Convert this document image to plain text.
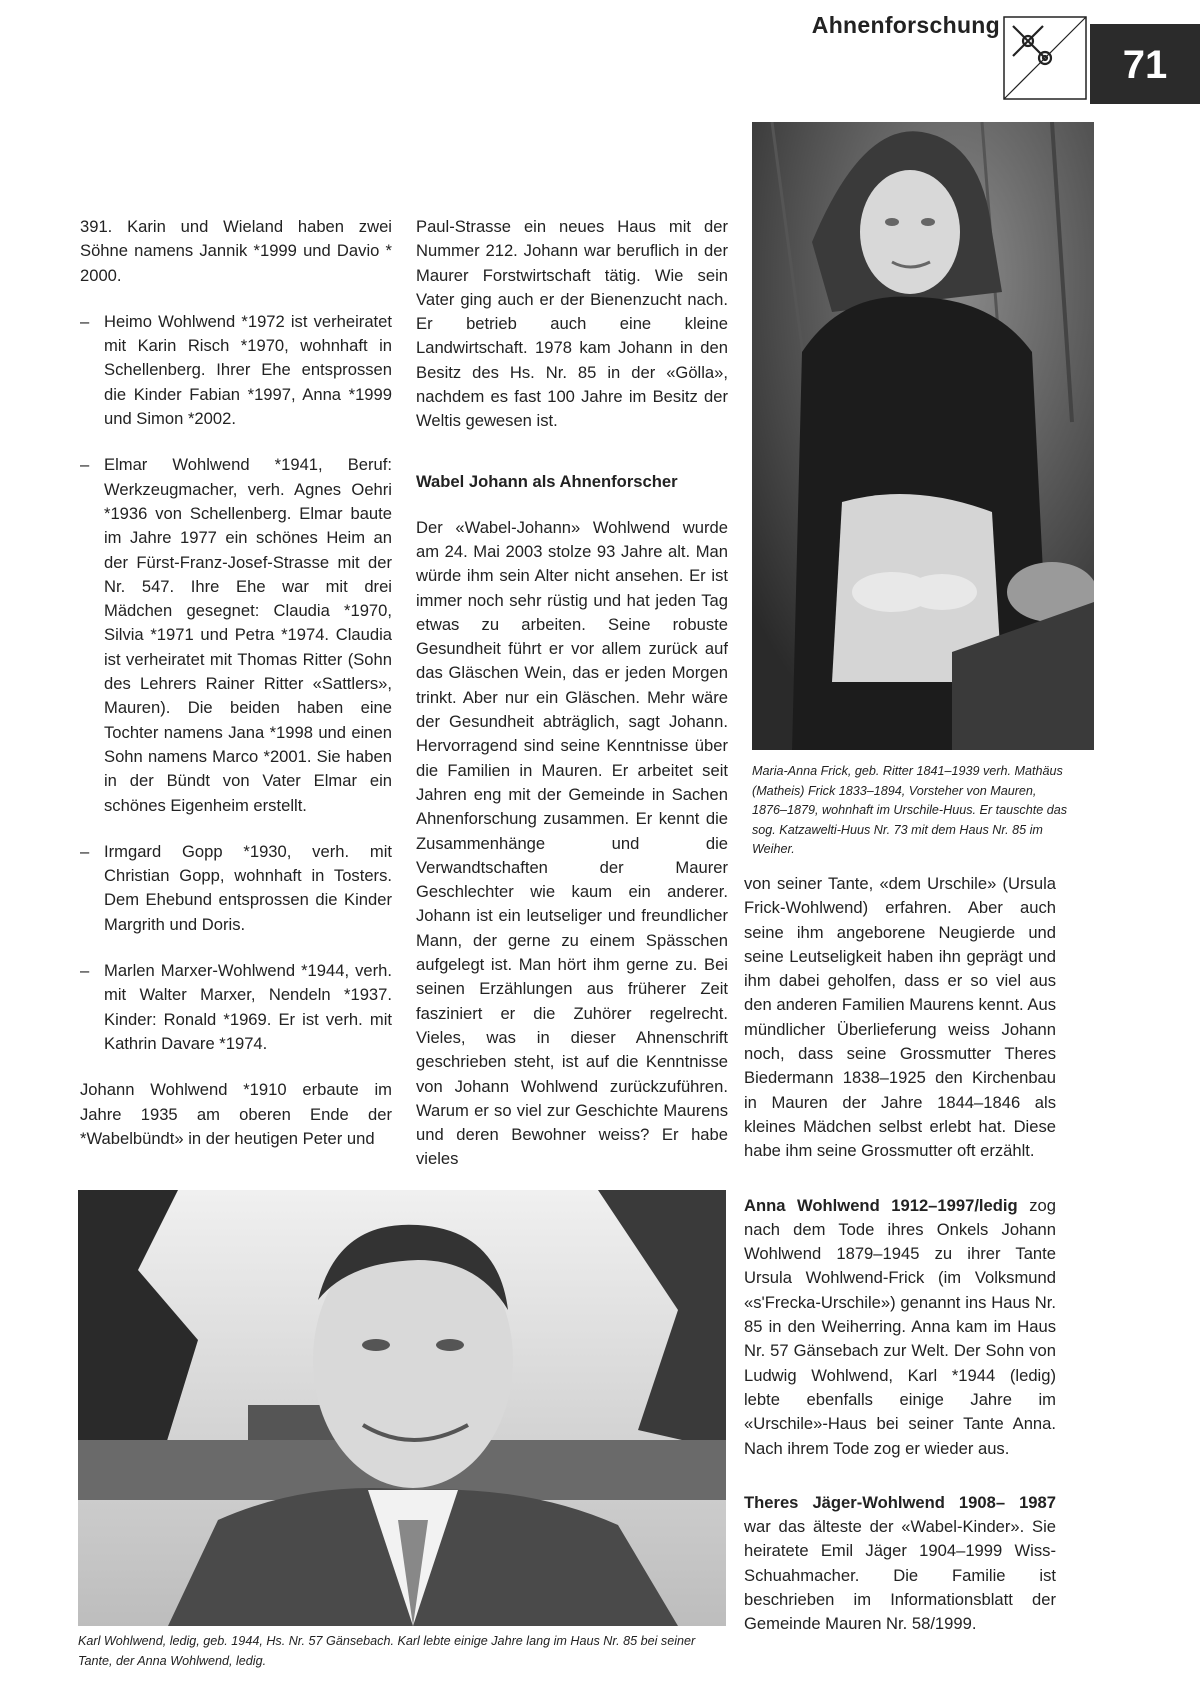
Ahnenforschung
71

391. Karin und Wieland haben zwei Söhne namens Jannik *1999 und Davio * 2000.

– Heimo Wohlwend *1972 ist verheiratet mit Karin Risch *1970, wohnhaft in Schellenberg. Ihrer Ehe entsprossen die Kinder Fabian *1997, Anna *1999 und Simon *2002.

– Elmar Wohlwend *1941, Beruf: Werkzeugmacher, verh. Agnes Oehri *1936 von Schellenberg. Elmar baute im Jahre 1977 ein schönes Heim an der Fürst-Franz-Josef-Strasse mit der Nr. 547. Ihre Ehe war mit drei Mädchen gesegnet: Claudia *1970, Silvia *1971 und Petra *1974. Claudia ist verheiratet mit Thomas Ritter (Sohn des Lehrers Rainer Ritter «Sattlers», Mauren). Die beiden haben eine Tochter namens Jana *1998 und einen Sohn namens Marco *2001. Sie haben in der Bündt von Vater Elmar ein schönes Eigenheim erstellt.

– Irmgard Gopp *1930, verh. mit Christian Gopp, wohnhaft in Tosters. Dem Ehebund entsprossen die Kinder Margrith und Doris.

– Marlen Marxer-Wohlwend *1944, verh. mit Walter Marxer, Nendeln *1937. Kinder: Ronald *1969. Er ist verh. mit Kathrin Davare *1974.

Johann Wohlwend *1910 erbaute im Jahre 1935 am oberen Ende der *Wabelbündt» in der heutigen Peter und

Paul-Strasse ein neues Haus mit der Nummer 212. Johann war beruflich in der Maurer Forstwirtschaft tätig. Wie sein Vater ging auch er der Bienenzucht nach. Er betrieb auch eine kleine Landwirtschaft. 1978 kam Johann in den Besitz des Hs. Nr. 85 in der «Gölla», nachdem es fast 100 Jahre im Besitz der Weltis gewesen ist.

Wabel Johann als Ahnenforscher

Der «Wabel-Johann» Wohlwend wurde am 24. Mai 2003 stolze 93 Jahre alt. Man würde ihm sein Alter nicht ansehen. Er ist immer noch sehr rüstig und hat jeden Tag etwas zu arbeiten. Seine robuste Gesundheit führt er vor allem zurück auf das Gläschen Wein, das er jeden Morgen trinkt. Aber nur ein Gläschen. Mehr wäre der Gesundheit abträglich, sagt Johann. Hervorragend sind seine Kenntnisse über die Familien in Mauren. Er arbeitet seit Jahren eng mit der Gemeinde in Sachen Ahnenforschung zusammen. Er kennt die Zusammenhänge und die Verwandtschaften der Maurer Geschlechter wie kaum ein anderer. Johann ist ein leutseliger und freundlicher Mann, der gerne zu einem Spässchen aufgelegt ist. Man hört ihm gerne zu. Bei seinen Erzählungen aus früherer Zeit fasziniert er die Zuhörer regelrecht. Vieles, was in dieser Ahnenschrift geschrieben steht, ist auf die Kenntnisse von Johann Wohlwend zurückzuführen. Warum er so viel zur Geschichte Maurens und deren Bewohner weiss? Er habe vieles

Maria-Anna Frick, geb. Ritter 1841–1939 verh. Mathäus (Matheis) Frick 1833–1894, Vorsteher von Mauren, 1876–1879, wohnhaft im Urschile-Huus. Er tauschte das sog. Katzawelti-Huus Nr. 73 mit dem Haus Nr. 85 im Weiher.

von seiner Tante, «dem Urschile» (Ursula Frick-Wohlwend) erfahren. Aber auch seine ihm angeborene Neugierde und seine Leutseligkeit haben ihn geprägt und ihm dabei geholfen, dass er so viel aus den anderen Familien Maurens kennt. Aus mündlicher Überlieferung weiss Johann noch, dass seine Grossmutter Theres Biedermann 1838–1925 den Kirchenbau in Mauren der Jahre 1844–1846 als kleines Mädchen selbst erlebt hat. Diese habe ihm seine Grossmutter oft erzählt.

Anna Wohlwend 1912–1997/ledig zog nach dem Tode ihres Onkels Johann Wohlwend 1879–1945 zu ihrer Tante Ursula Wohlwend-Frick (im Volksmund «s'Frecka-Urschile») genannt ins Haus Nr. 85 in den Weiherring. Anna kam im Haus Nr. 57 Gänsebach zur Welt. Der Sohn von Ludwig Wohlwend, Karl *1944 (ledig) lebte ebenfalls einige Jahre im «Urschile»-Haus bei seiner Tante Anna. Nach ihrem Tode zog er wieder aus.

Theres Jäger-Wohlwend 1908– 1987 war das älteste der «Wabel-Kinder». Sie heiratete Emil Jäger 1904–1999 Wiss-Schuahmacher. Die Familie ist beschrieben im Informationsblatt der Gemeinde Mauren Nr. 58/1999.

Karl Wohlwend, ledig, geb. 1944, Hs. Nr. 57 Gänsebach. Karl lebte einige Jahre lang im Haus Nr. 85 bei seiner Tante, der Anna Wohlwend, ledig.
